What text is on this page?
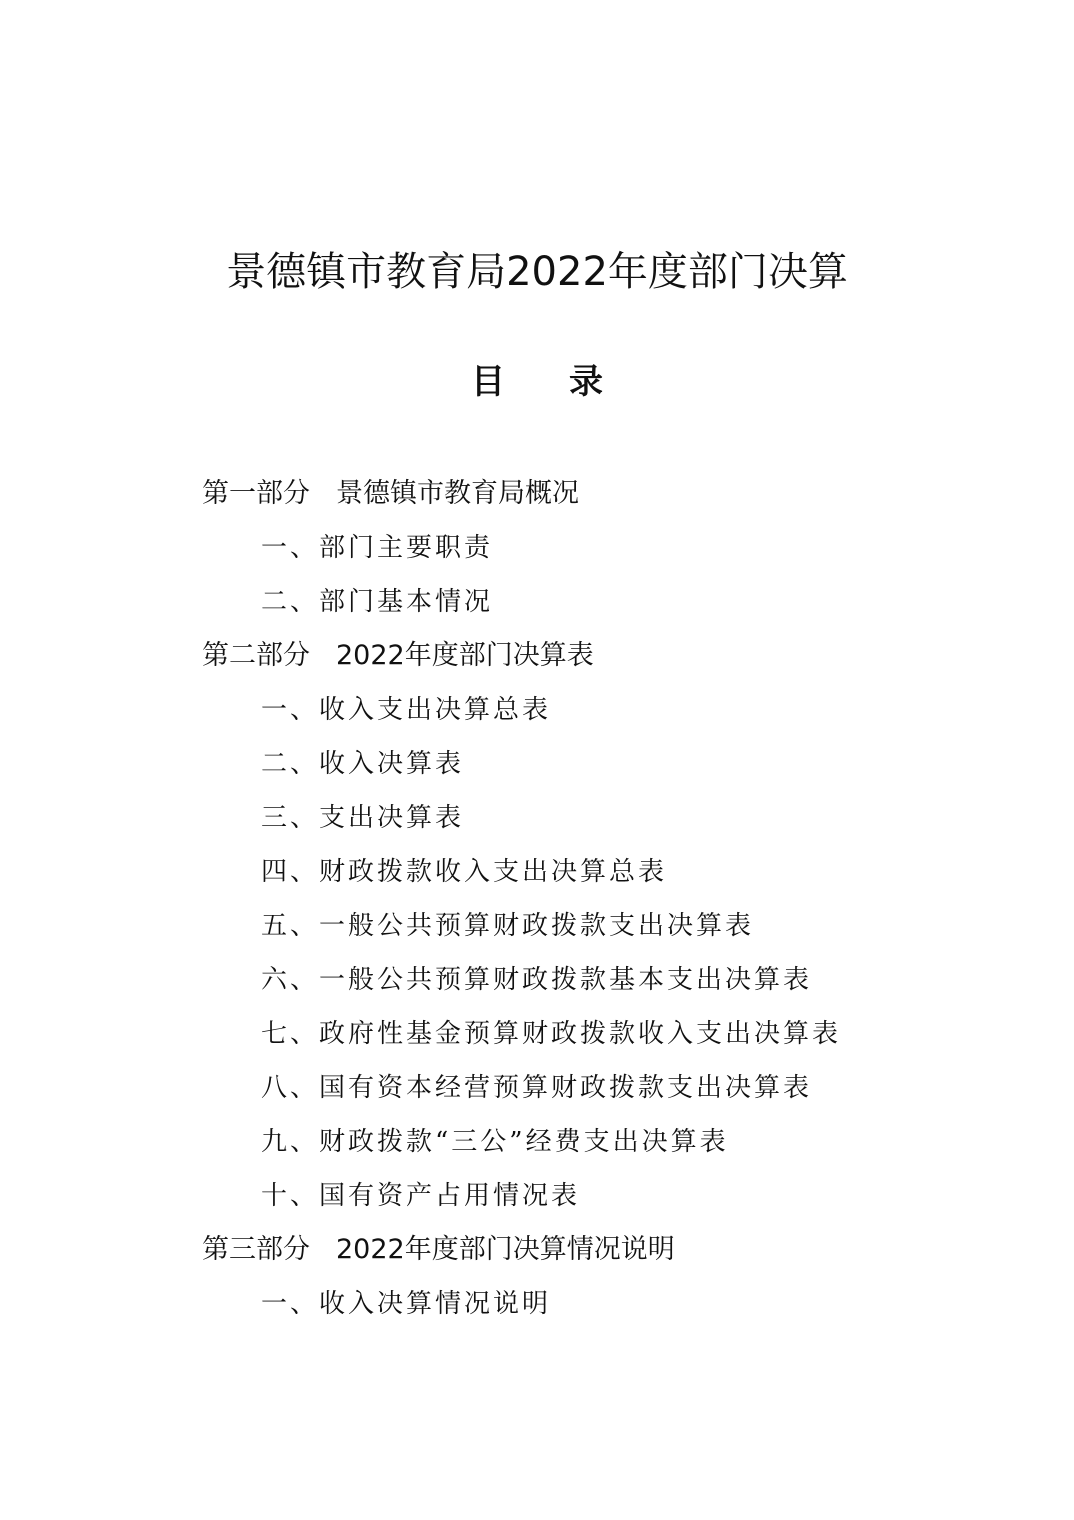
景德镇市教育局2022年度部门决算
目 录
第一部分 景德镇市教育局概况
一、部门主要职责
二、部门基本情况
第二部分 2022年度部门决算表
一、收入支出决算总表
二、收入决算表
三、支出决算表
四、财政拨款收入支出决算总表
五、一般公共预算财政拨款支出决算表
六、一般公共预算财政拨款基本支出决算表
七、政府性基金预算财政拨款收入支出决算表
八、国有资本经营预算财政拨款支出决算表
九、财政拨款“三公”经费支出决算表
十、国有资产占用情况表
第三部分 2022年度部门决算情况说明
一、收入决算情况说明
